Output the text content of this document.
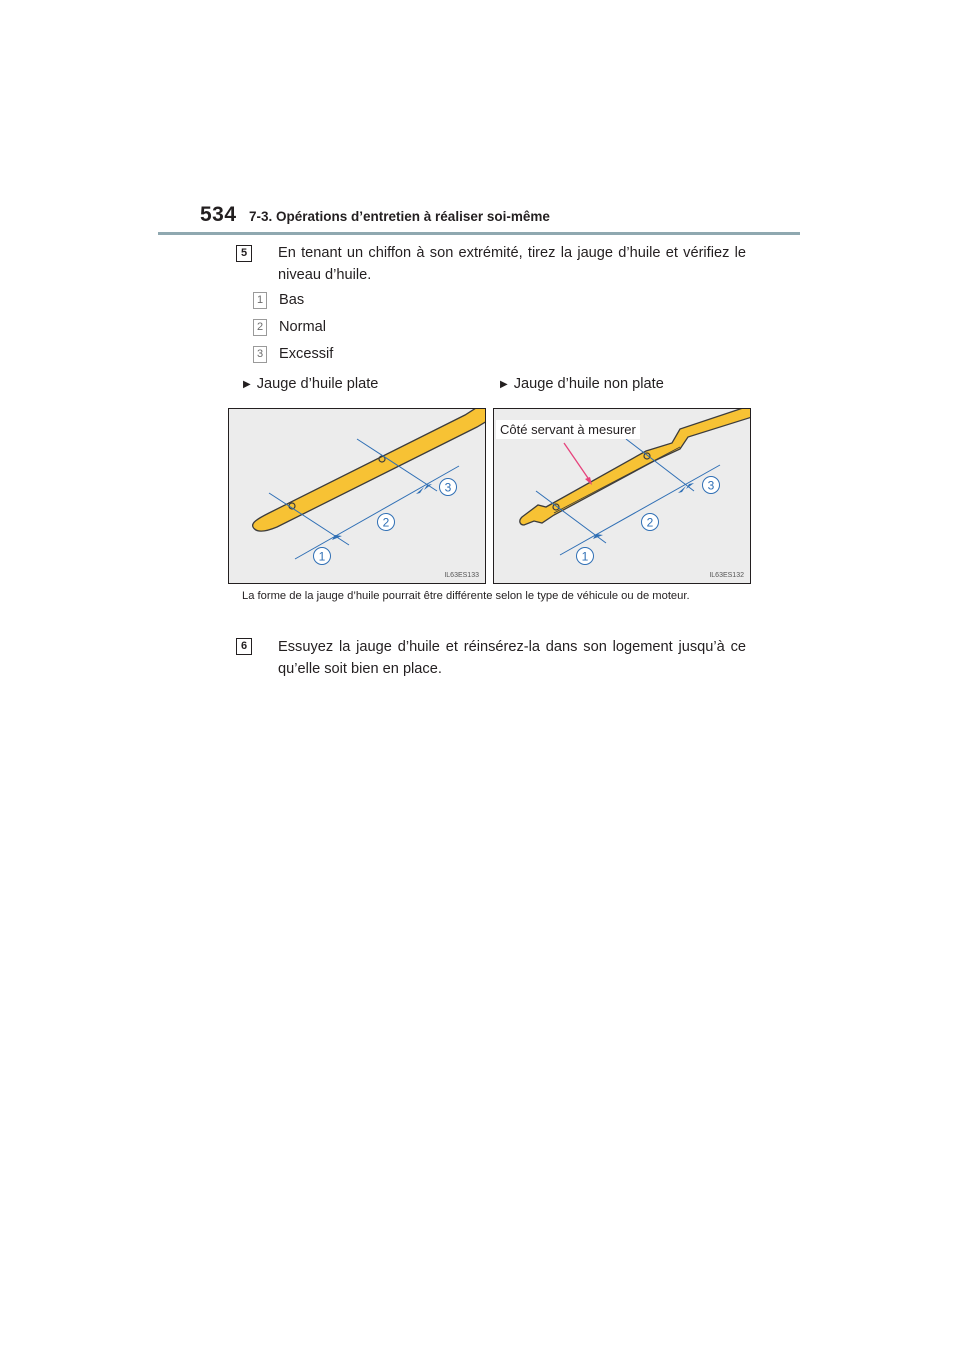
534 7-3. Opérations d’entretien à réaliser soi-même
5	En tenant un chiffon à son extrémité, tirez la jauge d’huile et vérifiez le niveau d’huile.
1 Bas
2 Normal
3 Excessif
▶ Jauge d’huile plate	▶ Jauge d’huile non plate
1
2
3
IL63ES133
1
2
3
IL63ES132
Côté servant à mesurer
La forme de la jauge d’huile pourrait être différente selon le type de véhicule ou de moteur.
6	Essuyez la jauge d’huile et réinsérez-la dans son logement jusqu’à ce qu’elle soit bien en place.
